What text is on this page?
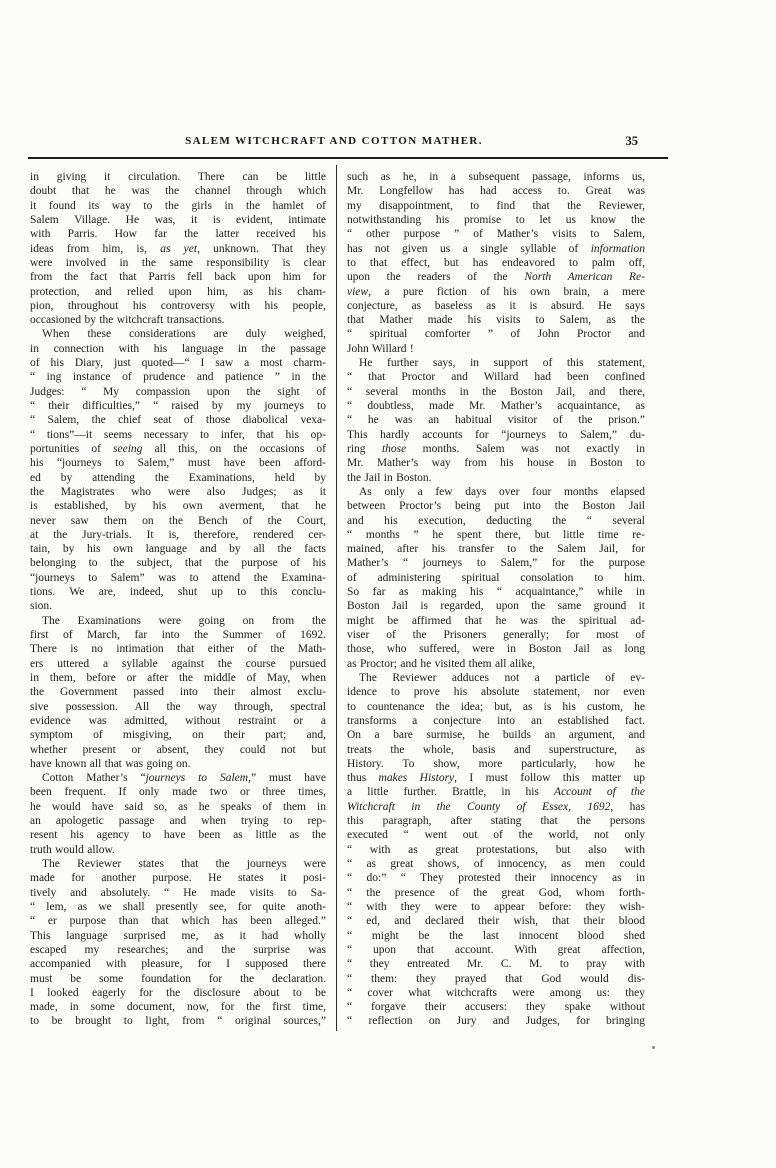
SALEM WITCHCRAFT AND COTTON MATHER.	35
in giving it circulation. There can be little
doubt that he was the channel through which
it found its way to the girls in the hamlet of
Salem Village. He was, it is evident, intimate
with Parris. How far the latter received his
ideas from him, is, as yet, unknown. That they
were involved in the same responsibility is clear
from the fact that Parris fell back upon him for
protection, and relied upon him, as his cham-
pion, throughout his controversy with his people,
occasioned by the witchcraft transactions.
When these considerations are duly weighed,
in connection with his language in the passage
of his Diary, just quoted—“ I saw a most charm-
“ ing instance of prudence and patience ” in the
Judges: “ My compassion upon the sight of
“ their difficulties,” “ raised by my journeys to
“ Salem, the chief seat of those diabolical vexa-
“ tions”—it seems necessary to infer, that his op-
portunities of seeing all this, on the occasions of
his “journeys to Salem,” must have been afford-
ed by attending the Examinations, held by
the Magistrates who were also Judges; as it
is established, by his own averment, that he
never saw them on the Bench of the Court,
at the Jury-trials. It is, therefore, rendered cer-
tain, by his own language and by all the facts
belonging to the subject, that the purpose of his
“journeys to Salem” was to attend the Examina-
tions. We are, indeed, shut up to this conclu-
sion.
The Examinations were going on from the
first of March, far into the Summer of 1692.
There is no intimation that either of the Math-
ers uttered a syllable against the course pursued
in them, before or after the middle of May, when
the Government passed into their almost exclu-
sive possession. All the way through, spectral
evidence was admitted, without restraint or a
symptom of misgiving, on their part; and,
whether present or absent, they could not but
have known all that was going on.
Cotton Mather’s “journeys to Salem,” must have
been frequent. If only made two or three times,
he would have said so, as he speaks of them in
an apologetic passage and when trying to rep-
resent his agency to have been as little as the
truth would allow.
The Reviewer states that the journeys were
made for another purpose. He states it posi-
tively and absolutely. “ He made visits to Sa-
“ lem, as we shall presently see, for quite anoth-
“ er purpose than that which has been alleged.”
This language surprised me, as it had wholly
escaped my researches; and the surprise was
accompanied with pleasure, for I supposed there
must be some foundation for the declaration.
I looked eagerly for the disclosure about to be
made, in some document, now, for the first time,
to be brought to light, from “ original sources,”
such as he, in a subsequent passage, informs us,
Mr. Longfellow has had access to. Great was
my disappointment, to find that the Reviewer,
notwithstanding his promise to let us know the
“ other purpose ” of Mather’s visits to Salem,
has not given us a single syllable of information
to that effect, but has endeavored to palm off,
upon the readers of the North American Re-
view, a pure fiction of his own brain, a mere
conjecture, as baseless as it is absurd. He says
that Mather made his visits to Salem, as the
“ spiritual comforter ” of John Proctor and
John Willard !
He further says, in support of this statement,
“ that Proctor and Willard had been confined
“ several months in the Boston Jail, and there,
“ doubtless, made Mr. Mather’s acquaintance, as
“ he was an habitual visitor of the prison.”
This hardly accounts for “journeys to Salem,” du-
ring those months. Salem was not exactly in
Mr. Mather’s way from his house in Boston to
the Jail in Boston.
As only a few days over four months elapsed
between Proctor’s being put into the Boston Jail
and his execution, deducting the “ several
“ months ” he spent there, but little time re-
mained, after his transfer to the Salem Jail, for
Mather’s “ journeys to Salem,” for the purpose
of administering spiritual consolation to him.
So far as making his “ acquaintance,” while in
Boston Jail is regarded, upon the same ground it
might be affirmed that he was the spiritual ad-
viser of the Prisoners generally; for most of
those, who suffered, were in Boston Jail as long
as Proctor; and he visited them all alike,
The Reviewer adduces not a particle of ev-
idence to prove his absolute statement, nor even
to countenance the idea; but, as is his custom, he
transforms a conjecture into an established fact.
On a bare surmise, he builds an argument, and
treats the whole, basis and superstructure, as
History. To show, more particularly, how he
thus makes History, I must follow this matter up
a little further. Brattle, in his Account of the
Witchcraft in the County of Essex, 1692, has
this paragraph, after stating that the persons
executed “ went out of the world, not only
“ with as great protestations, but also with
“ as great shows, of innocency, as men could
“ do:” “ They protested their innocency as in
“ the presence of the great God, whom forth-
“ with they were to appear before: they wish-
“ ed, and declared their wish, that their blood
“ might be the last innocent blood shed
“ upon that account. With great affection,
“ they entreated Mr. C. M. to pray with
“ them: they prayed that God would dis-
“ cover what witchcrafts were among us: they
“ forgave their accusers: they spake without
“ reflection on Jury and Judges, for bringing
